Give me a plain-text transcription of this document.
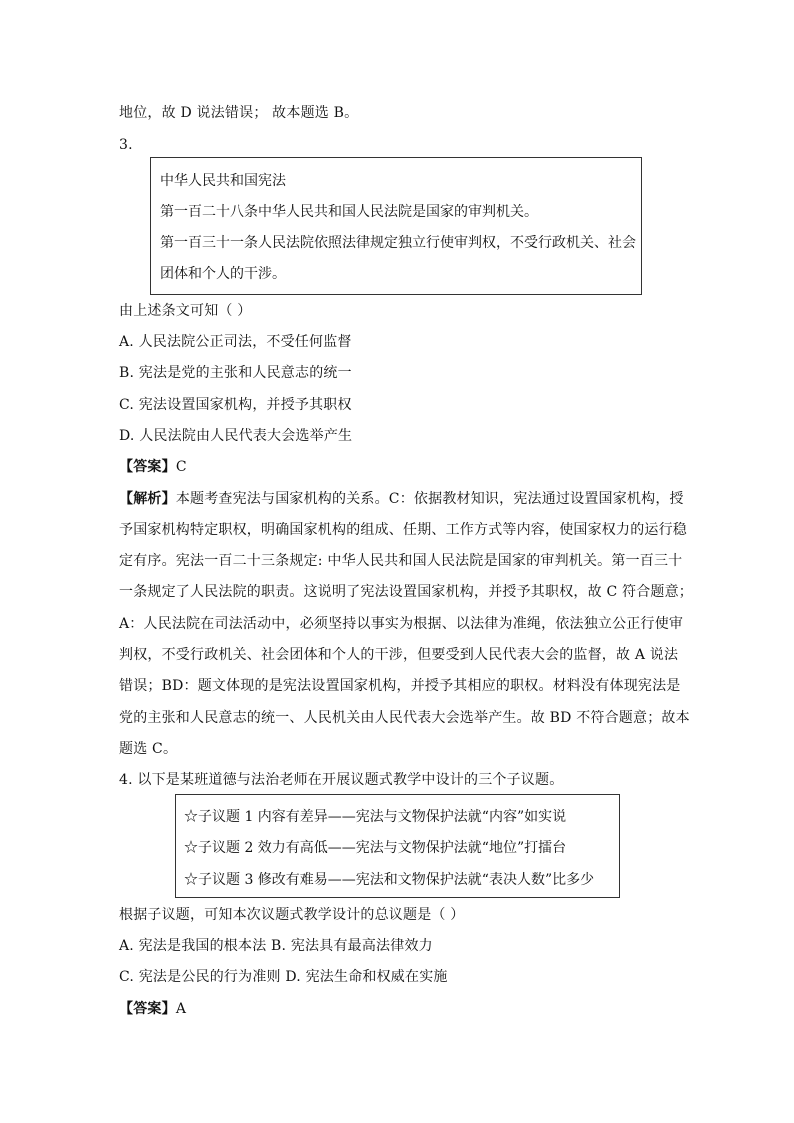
地位，故 D 说法错误； 故本题选 B。
3.
中华人民共和国宪法
第一百二十八条中华人民共和国人民法院是国家的审判机关。
第一百三十一条人民法院依照法律规定独立行使审判权，不受行政机关、社会
团体和个人的干涉。
由上述条文可知（ ）
A. 人民法院公正司法，不受任何监督
B. 宪法是党的主张和人民意志的统一
C. 宪法设置国家机构，并授予其职权
D. 人民法院由人民代表大会选举产生
【答案】C
【解析】本题考查宪法与国家机构的关系。C：依据教材知识，宪法通过设置国家机构，授
予国家机构特定职权，明确国家机构的组成、任期、工作方式等内容，使国家权力的运行稳
定有序。宪法一百二十三条规定: 中华人民共和国人民法院是国家的审判机关。第一百三十
一条规定了人民法院的职责。这说明了宪法设置国家机构，并授予其职权，故 C 符合题意；
A：人民法院在司法活动中，必须坚持以事实为根据、以法律为准绳，依法独立公正行使审
判权，不受行政机关、社会团体和个人的干涉，但要受到人民代表大会的监督，故 A 说法
错误；BD：题文体现的是宪法设置国家机构，并授予其相应的职权。材料没有体现宪法是
党的主张和人民意志的统一、人民机关由人民代表大会选举产生。故 BD 不符合题意；故本
题选 C。
4. 以下是某班道德与法治老师在开展议题式教学中设计的三个子议题。
☆子议题 1 内容有差异——宪法与文物保护法就“内容”如实说
☆子议题 2 效力有高低——宪法与文物保护法就“地位”打擂台
☆子议题 3 修改有难易——宪法和文物保护法就“表决人数”比多少
根据子议题，可知本次议题式教学设计的总议题是（ ）
A. 宪法是我国的根本法 B. 宪法具有最高法律效力
C. 宪法是公民的行为准则 D. 宪法生命和权威在实施
【答案】A
